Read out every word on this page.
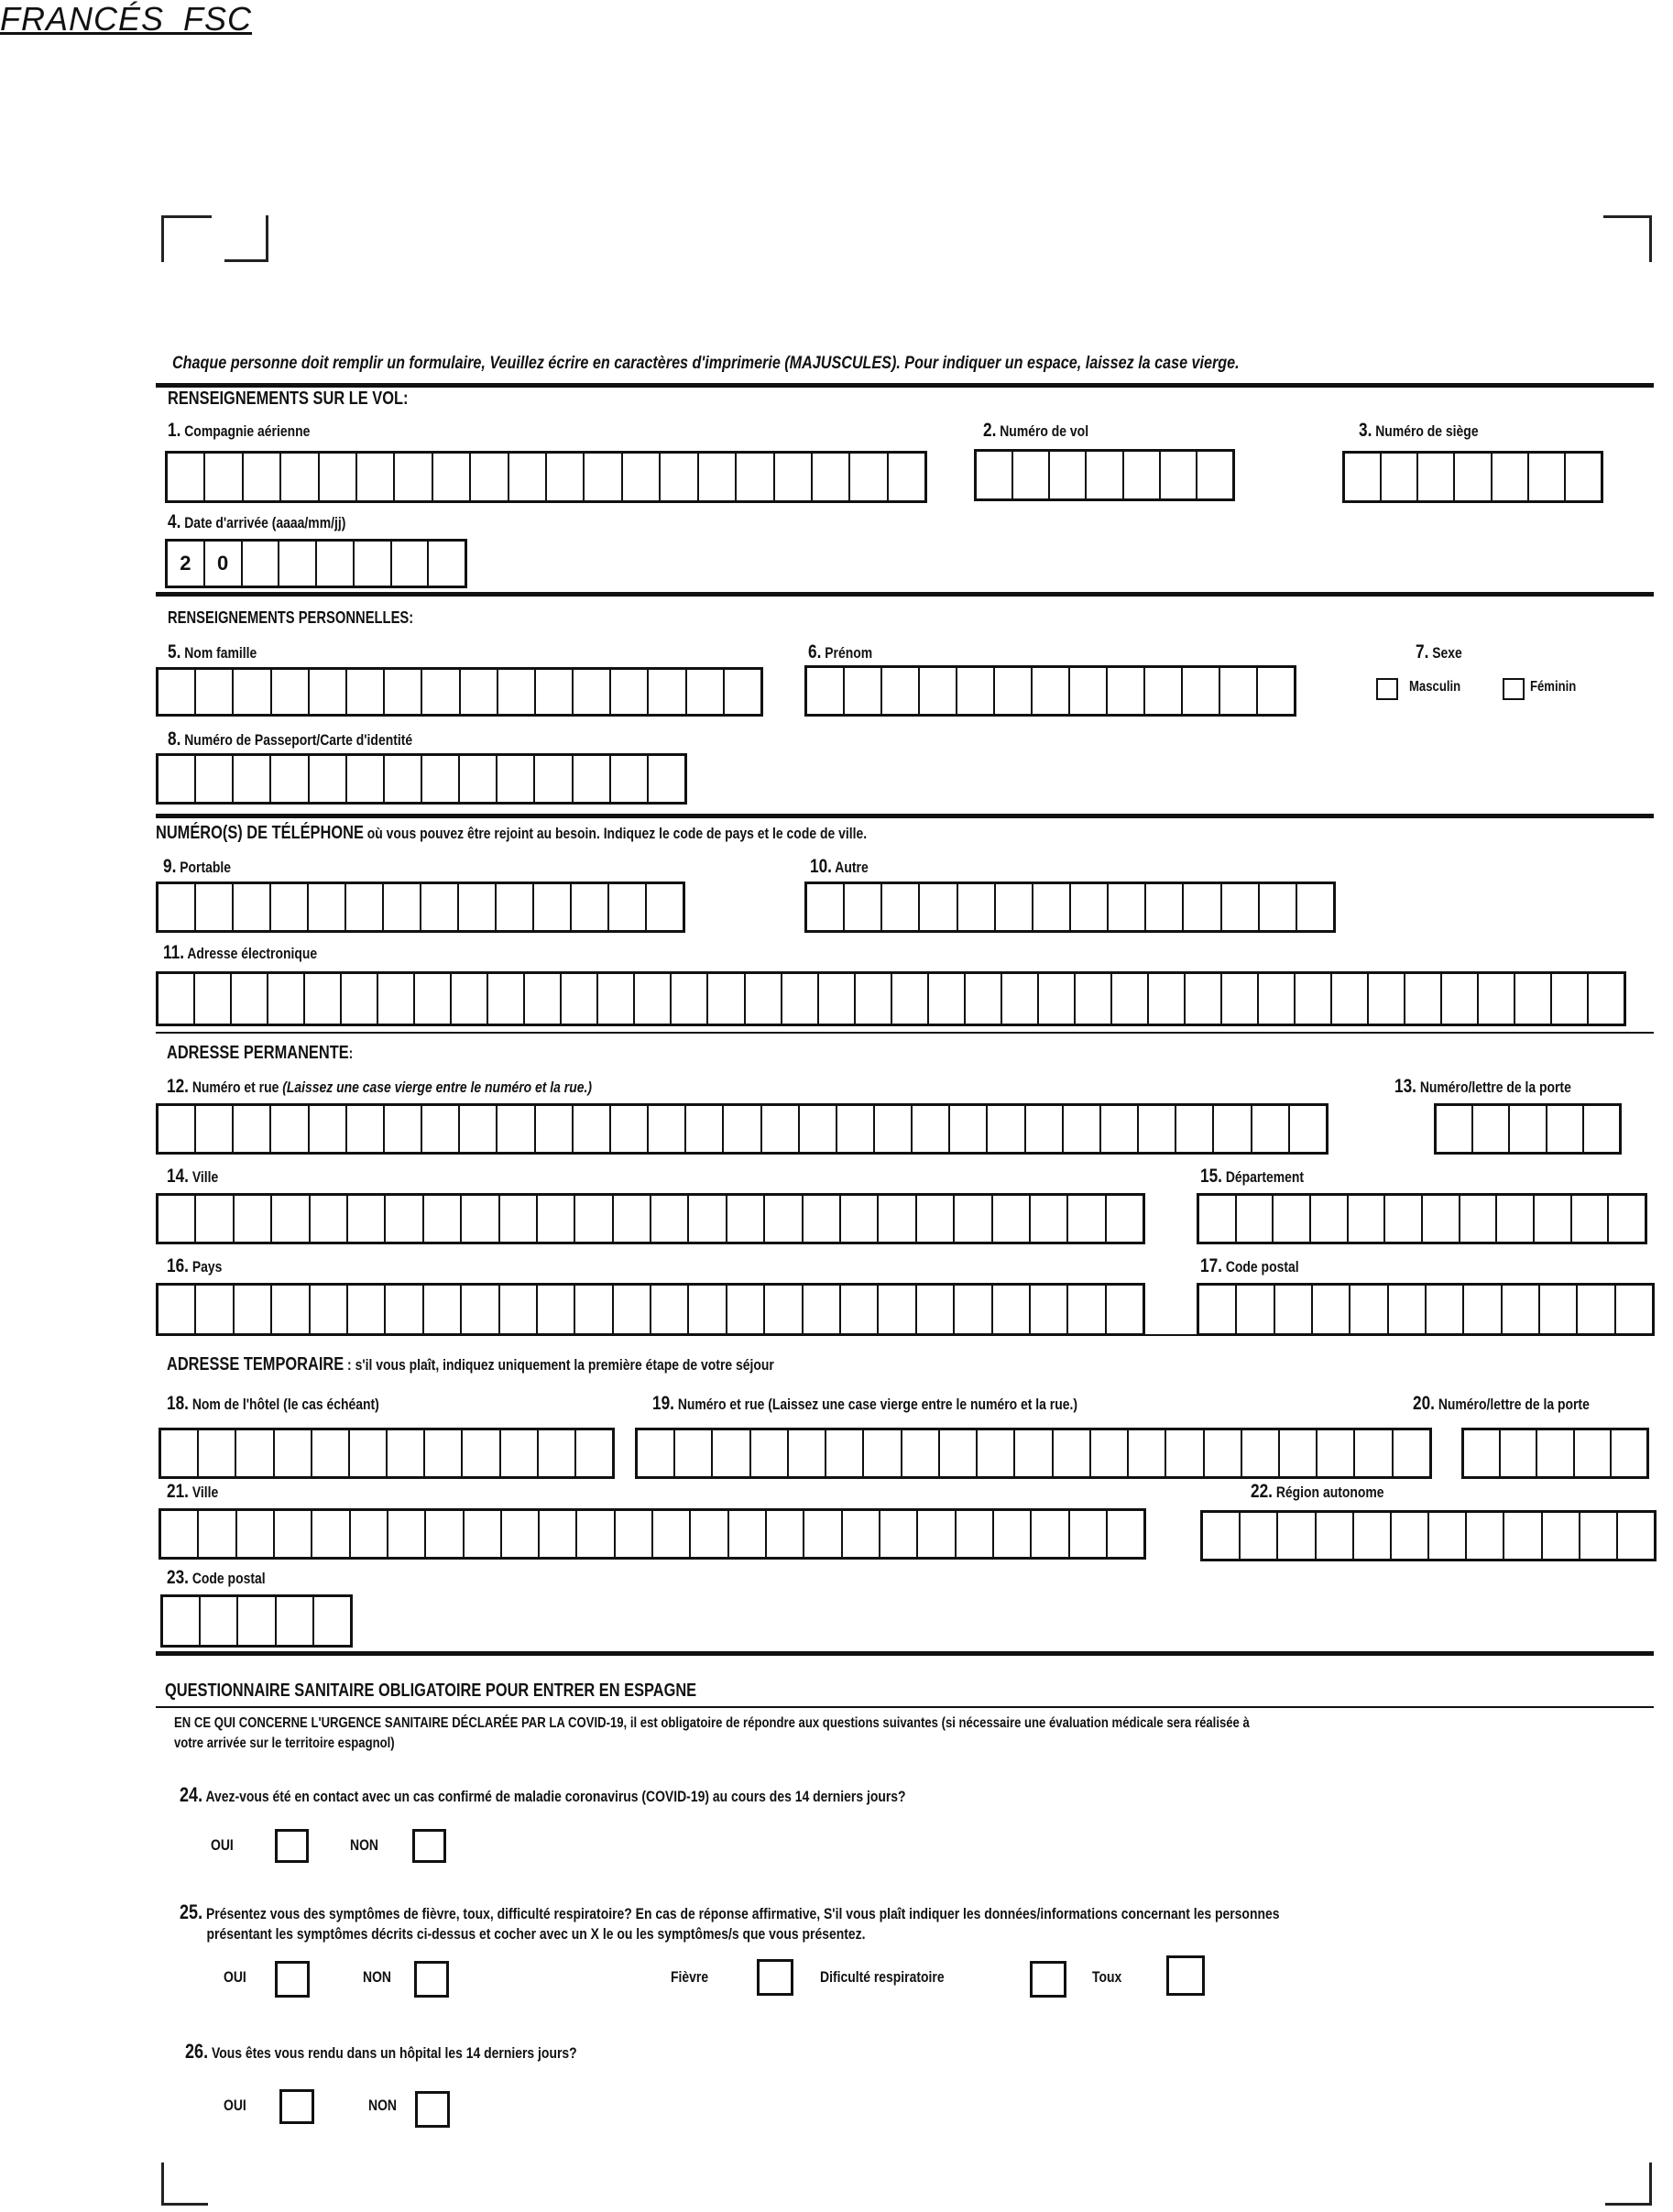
FRANCÉS_FSC
Chaque personne doit remplir un formulaire, Veuillez écrire en caractères d'imprimerie (MAJUSCULES). Pour indiquer un espace, laissez la case vierge.
RENSEIGNEMENTS SUR LE VOL:
1. Compagnie aérienne	2. Numéro de vol	3. Numéro de siège
4. Date d'arrivée (aaaa/mm/jj)
2	0
RENSEIGNEMENTS PERSONNELLES:
5. Nom famille	6. Prénom	7. Sexe
Masculin	Féminin
8. Numéro de Passeport/Carte d'identité
NUMÉRO(S) DE TÉLÉPHONE où vous pouvez être rejoint au besoin. Indiquez le code de pays et le code de ville.
9. Portable	10. Autre
11. Adresse électronique
ADRESSE PERMANENTE:
12. Numéro et rue (Laissez une case vierge entre le numéro et la rue.)	13. Numéro/lettre de la porte
14. Ville	15. Département
16. Pays	17. Code postal
ADRESSE TEMPORAIRE : s'il vous plaît, indiquez uniquement la première étape de votre séjour
18. Nom de l'hôtel (le cas échéant)	19. Numéro et rue (Laissez une case vierge entre le numéro et la rue.)	20. Numéro/lettre de la porte
21. Ville	22. Région autonome
23. Code postal
QUESTIONNAIRE SANITAIRE OBLIGATOIRE POUR ENTRER EN ESPAGNE
EN CE QUI CONCERNE L'URGENCE SANITAIRE DÉCLARÉE PAR LA COVID-19, il est obligatoire de répondre aux questions suivantes (si nécessaire une évaluation médicale sera réalisée à
votre arrivée sur le territoire espagnol)
24. Avez-vous été en contact avec un cas confirmé de maladie coronavirus (COVID-19) au cours des 14 derniers jours?
OUI	NON
25. Présentez vous des symptômes de fièvre, toux, difficulté respiratoire? En cas de réponse affirmative, S'il vous plaît indiquer les données/informations concernant les personnes
présentant les symptômes décrits ci-dessus et cocher avec un X le ou les symptômes/s que vous présentez.
OUI	NON	Fièvre	Dificulté respiratoire	Toux
26. Vous êtes vous rendu dans un hôpital les 14 derniers jours?
OUI	NON
